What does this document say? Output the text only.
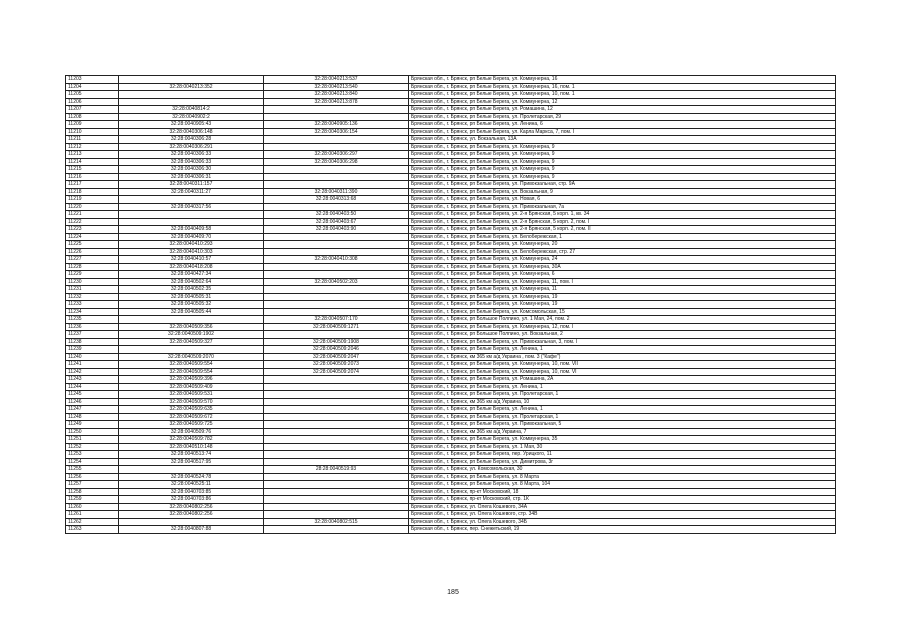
11203		32:28:0040213:537	Брянская обл., г. Брянск, рп Белые Берега, ул. Коммунерна, 16
11204	32:28:0040213:352	32:28:0040213:540	Брянская обл., г. Брянск, рп Белые Берега, ул. Коммунерна, 16, пом. 1
11205		32:28:0040213:840	Брянская обл., г. Брянск, рп Белые Берега, ул. Коммунерна, 10, пом. 1
11206		32:28:0040213:878	Брянская обл., г. Брянск, рп Белые Берега, ул. Коммунерна, 12
11207	32:28:0040814:2		Брянская обл., г. Брянск, рп Белые Берега, ул. Ромашина, 12
11208	32:28:0040902:2		Брянская обл., г. Брянск, рп Белые Берега, ул. Пролетарская, 29
11209	32:28:0040905:43	32:28:0040905:136	Брянская обл., г. Брянск, рп Белые Берега, ул. Ленина, 6
11210	32:28:0040306:148	32:28:0040306:154	Брянская обл., г. Брянск, рп Белые Берега, ул. Карла Маркса, 7, пом. I
11211	32:28:0040306:28		Брянская обл., г. Брянск, ул. Вокзальная, 13А
11212	32:28:0040306:291		Брянская обл., г. Брянск, рп Белые Берега, ул. Коммунерна, 9
11213	32:28:0040306:33	32:28:0040306:297	Брянская обл., г. Брянск, рп Белые Берега, ул. Коммунерна, 9
11214	32:28:0040306:33	32:28:0040306:298	Брянская обл., г. Брянск, рп Белые Берега, ул. Коммунерна, 9
11215	32:28:0040306:30		Брянская обл., г. Брянск, рп Белые Берега, ул. Коммунерна, 9
11216	32:28:0040306:31		Брянская обл., г. Брянск, рп Белые Берега, ул. Коммунерна, 9
11217	32:28:0040311:157		Брянская обл., г. Брянск, рп Белые Берега, ул. Привокзальная, стр. 9А
11218	32:28:0040311:27	32:28:0040311:390	Брянская обл., г. Брянск, рп Белые Берега, ул. Вокзальная, 9
11219		32:28:0040313:68	Брянская обл., г. Брянск, рп Белые Берега, ул. Новая, 6
11220	32:28:0040317:56		Брянская обл., г. Брянск, рп Белые Берега, ул. Привокзальная, 7а
11221		32:28:0040403:50	Брянская обл., г. Брянск, рп Белые Берега, ул. 2-я Брянская, 5 корп. 1, кв. 34
11222		32:28:0040403:67	Брянская обл., г. Брянск, рп Белые Берега, ул. 2-я Брянская, 5 корп. 2, пом. I
11223	32:28:0040409:58	32:28:0040403:90	Брянская обл., г. Брянск, рп Белые Берега, ул. 2-я Брянская, 5 корп. 2, пом. II
11224	32:28:0040409:70		Брянская обл., г. Брянск, рп Белые Берега, ул. Белобережская, 1
11225	32:28:0040410:293		Брянская обл., г. Брянск, рп Белые Берега, ул. Коммунерна, 20
11226	32:28:0040410:303		Брянская обл., г. Брянск, рп Белые Берега, ул. Белобережская, стр. 27
11227	32:28:0040410:57	32:28:0040410:308	Брянская обл., г. Брянск, рп Белые Берега, ул. Коммунерна, 24
11228	32:28:0040418:208		Брянская обл., г. Брянск, рп Белые Берега, ул. Коммунерна, 30А
11229	32:28:0040427:34		Брянская обл., г. Брянск, рп Белые Берега, ул. Коммунерна, 6
11230	32:28:0040502:64	32:28:0040502:203	Брянская обл., г. Брянск, рп Белые Берега, ул. Коммунерна, 11, пом. I
11231	32:28:0040502:35		Брянская обл., г. Брянск, рп Белые Берега, ул. Коммунерна, 11
11232	32:28:0040505:31		Брянская обл., г. Брянск, рп Белые Берега, ул. Коммунерна, 19
11233	32:28:0040505:32		Брянская обл., г. Брянск, рп Белые Берега, ул. Коммунерна, 19
11234	32:28:0040505:44		Брянская обл., г. Брянск, рп Белые Берега, ул. Комсомольская, 15
11235		32:28:0040507:170	Брянская обл., г. Брянск, рп Большое Полпино, ул. 1 Мая, 24, пом. 2
11236	32:28:0040509:356	32:28:0040509:1271	Брянская обл., г. Брянск, рп Белые Берега, ул. Коммунерна, 12, пом. I
11237	32:28:0040509:1902		Брянская обл., г. Брянск, рп Большое Полпино, ул. Вокзальная, 2
11238	32:28:0040509:327	32:28:0040509:1908	Брянская обл., г. Брянск, рп Белые Берега, ул. Привокзальная, 3, пом. I
11239		32:28:0040509:2046	Брянская обл., г. Брянск, рп Белые Берега, ул. Ленина, 1
11240	32:28:0040509:2070	32:28:0040509:2047	Брянская обл., г. Брянск, км 365 км а/д Украина , пом. 3 ("Кафе")
11241	32:28:0040509:554	32:28:0040509:2073	Брянская обл., г. Брянск, рп Белые Берега, ул. Коммунерна, 10, пом. VII
11242	32:28:0040509:554	32:28:0040509:2074	Брянская обл., г. Брянск, рп Белые Берега, ул. Коммунерна, 10, пом. VI
11243	32:28:0040509:396		Брянская обл., г. Брянск, рп Белые Берега, ул. Ромашина, 2А
11244	32:28:0040509:409		Брянская обл., г. Брянск, рп Белые Берега, ул. Ленина, 1
11245	32:28:0040509:531		Брянская обл., г. Брянск, рп Белые Берега, ул. Пролетарская, 1
11246	32:28:0040509:570		Брянская обл., г. Брянск, км 365 км а/д Украина, 10
11247	32:28:0040509:635		Брянская обл., г. Брянск, рп Белые Берега, ул. Ленина, 1
11248	32:28:0040509:672		Брянская обл., г. Брянск, рп Белые Берега, ул. Пролетарская, 1
11249	32:28:0040509:725		Брянская обл., г. Брянск, рп Белые Берега, ул. Привокзальная, 5
11250	32:28:0040509:76		Брянская обл., г. Брянск, км 365 км а/д Украина, 7
11251	32:28:0040509:782		Брянская обл., г. Брянск, рп Белые Берега, ул. Коммунерна, 35
11252	32:28:0040510:148		Брянская обл., г. Брянск, рп Белые Берега, ул. 1 Мая, 30
11253	32:28:0040513:74		Брянская обл., г. Брянск, рп Белые Берега, пер. Урицкого, 11
11254	32:28:0040517:95		Брянская обл., г. Брянск, рп Белые Берега, ул. Димитрова, 3г
11255		28:28:0040519:93	Брянская обл., г. Брянск, ул. Комсомольская, 30
11256	32:28:0040524:78		Брянская обл., г. Брянск, рп Белые Берега, ул. 8 Марта
11257	32:28:0040525:11		Брянская обл., г. Брянск, рп Белые Берега, ул. 8 Марта, 104
11258	32:28:0040703:85		Брянская обл., г. Брянск, пр-кт Московский, 18
11259	32:28:0040703:86		Брянская обл., г. Брянск, пр-кт Московский, стр. 1К
11260	32:28:0040802:256		Брянская обл., г. Брянск, ул. Олега Кошевого, 34А
11261	32:28:0040802:256		Брянская обл., г. Брянск, ул. Олега Кошевого, стр. 34В
11262		32:28:0040802:515	Брянская обл., г. Брянск, ул. Олега Кошевого, 34Б
11263	32:28:0040807:88		Брянская обл., г. Брянск, пер. Снежетьский, 19
185
